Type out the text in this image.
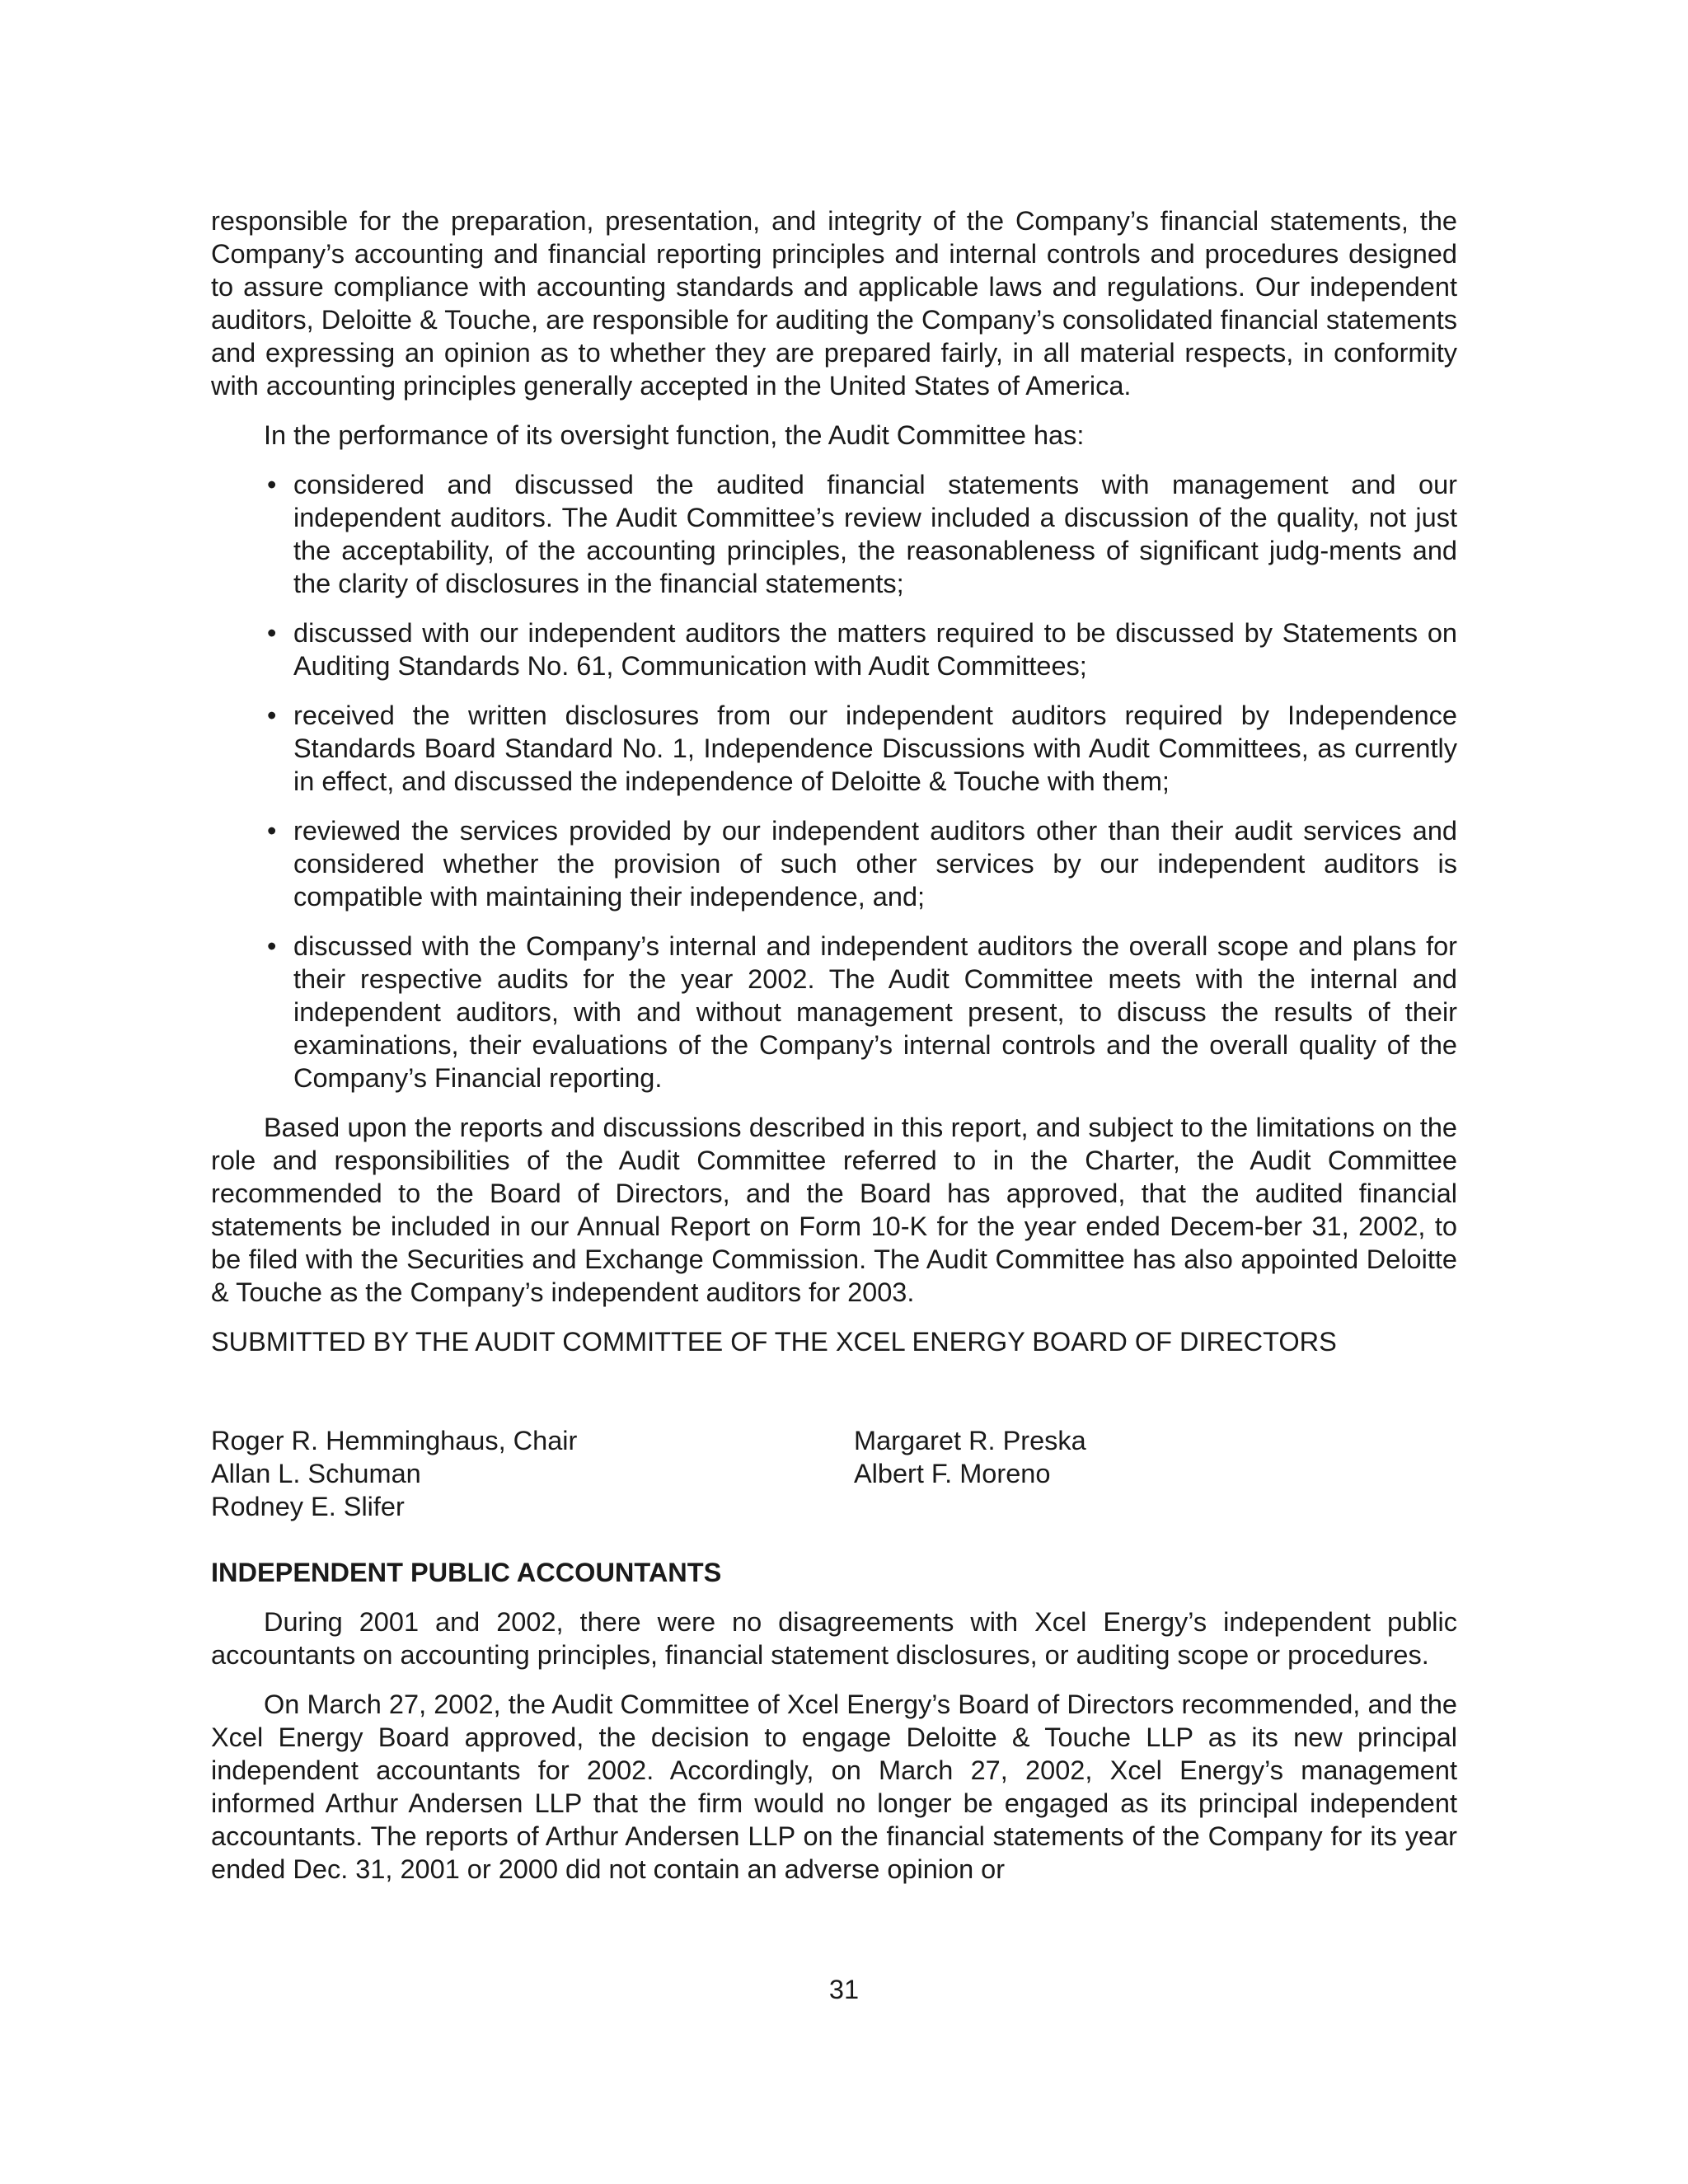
responsible for the preparation, presentation, and integrity of the Company’s financial statements, the Company’s accounting and financial reporting principles and internal controls and procedures designed to assure compliance with accounting standards and applicable laws and regulations. Our independent auditors, Deloitte & Touche, are responsible for auditing the Company’s consolidated financial statements and expressing an opinion as to whether they are prepared fairly, in all material respects, in conformity with accounting principles generally accepted in the United States of America.

In the performance of its oversight function, the Audit Committee has:

• considered and discussed the audited financial statements with management and our independent auditors. The Audit Committee’s review included a discussion of the quality, not just the acceptability, of the accounting principles, the reasonableness of significant judg-ments and the clarity of disclosures in the financial statements;

• discussed with our independent auditors the matters required to be discussed by Statements on Auditing Standards No. 61, Communication with Audit Committees;

• received the written disclosures from our independent auditors required by Independence Standards Board Standard No. 1, Independence Discussions with Audit Committees, as currently in effect, and discussed the independence of Deloitte & Touche with them;

• reviewed the services provided by our independent auditors other than their audit services and considered whether the provision of such other services by our independent auditors is compatible with maintaining their independence, and;

• discussed with the Company’s internal and independent auditors the overall scope and plans for their respective audits for the year 2002. The Audit Committee meets with the internal and independent auditors, with and without management present, to discuss the results of their examinations, their evaluations of the Company’s internal controls and the overall quality of the Company’s Financial reporting.

Based upon the reports and discussions described in this report, and subject to the limitations on the role and responsibilities of the Audit Committee referred to in the Charter, the Audit Committee recommended to the Board of Directors, and the Board has approved, that the audited financial statements be included in our Annual Report on Form 10-K for the year ended Decem-ber 31, 2002, to be filed with the Securities and Exchange Commission. The Audit Committee has also appointed Deloitte & Touche as the Company’s independent auditors for 2003.

SUBMITTED BY THE AUDIT COMMITTEE OF THE XCEL ENERGY BOARD OF DIRECTORS

Roger R. Hemminghaus, Chair
Allan L. Schuman
Rodney E. Slifer
Margaret R. Preska
Albert F. Moreno
INDEPENDENT PUBLIC ACCOUNTANTS

During 2001 and 2002, there were no disagreements with Xcel Energy’s independent public accountants on accounting principles, financial statement disclosures, or auditing scope or procedures.

On March 27, 2002, the Audit Committee of Xcel Energy’s Board of Directors recommended, and the Xcel Energy Board approved, the decision to engage Deloitte & Touche LLP as its new principal independent accountants for 2002. Accordingly, on March 27, 2002, Xcel Energy’s management informed Arthur Andersen LLP that the firm would no longer be engaged as its principal independent accountants. The reports of Arthur Andersen LLP on the financial statements of the Company for its year ended Dec. 31, 2001 or 2000 did not contain an adverse opinion or

31
